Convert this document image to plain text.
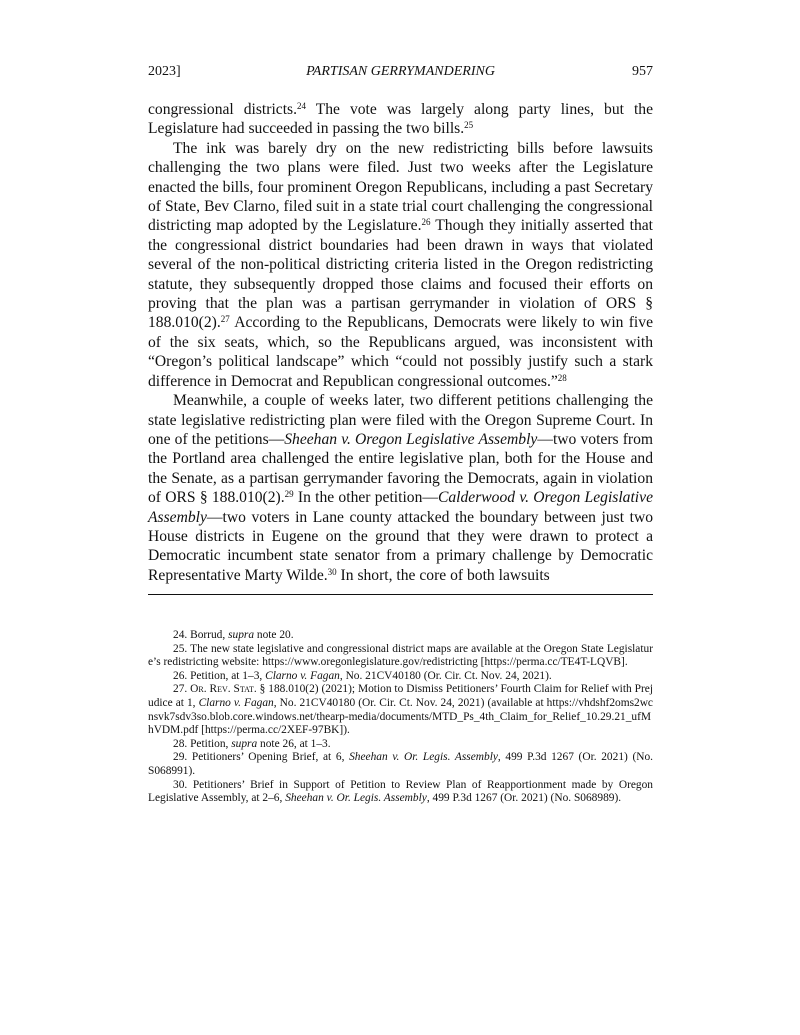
2023]	PARTISAN GERRYMANDERING	957

congressional districts.$^{24}$ The vote was largely along party lines, but the Legislature had succeeded in passing the two bills.$^{25}$

The ink was barely dry on the new redistricting bills before lawsuits challenging the two plans were filed. Just two weeks after the Legislature enacted the bills, four prominent Oregon Republicans, including a past Secretary of State, Bev Clarno, filed suit in a state trial court challenging the congressional districting map adopted by the Legislature.$^{26}$ Though they initially asserted that the congressional district boundaries had been drawn in ways that violated several of the non-political districting criteria listed in the Oregon redistricting statute, they subsequently dropped those claims and focused their efforts on proving that the plan was a partisan gerrymander in violation of ORS § 188.010(2).$^{27}$ According to the Republicans, Democrats were likely to win five of the six seats, which, so the Republicans argued, was inconsistent with “Oregon’s political landscape” which “could not possibly justify such a stark difference in Democrat and Republican congressional outcomes.”$^{28}$

Meanwhile, a couple of weeks later, two different petitions challenging the state legislative redistricting plan were filed with the Oregon Supreme Court. In one of the petitions—Sheehan v. Oregon Legislative Assembly—two voters from the Portland area challenged the entire legislative plan, both for the House and the Senate, as a partisan gerrymander favoring the Democrats, again in violation of ORS § 188.010(2).$^{29}$ In the other petition—Calderwood v. Oregon Legislative Assembly—two voters in Lane county attacked the boundary between just two House districts in Eugene on the ground that they were drawn to protect a Democratic incumbent state senator from a primary challenge by Democratic Representative Marty Wilde.$^{30}$ In short, the core of both lawsuits

24. Borrud, supra note 20.

25. The new state legislative and congressional district maps are available at the Oregon State Legislature’s redistricting website: https://www.oregonlegislature.gov/redistricting [https://perma.cc/TE4T-LQVB].

26. Petition, at 1–3, Clarno v. Fagan, No. 21CV40180 (Or. Cir. Ct. Nov. 24, 2021).

27. Or. Rev. Stat. § 188.010(2) (2021); Motion to Dismiss Petitioners’ Fourth Claim for Relief with Prejudice at 1, Clarno v. Fagan, No. 21CV40180 (Or. Cir. Ct. Nov. 24, 2021) (available at https://vhdshf2oms2wcnsvk7sdv3so.blob.core.windows.net/thearp-media/documents/MTD_Ps_4th_Claim_for_Relief_10.29.21_ufMhVDM.pdf [https://perma.cc/2XEF-97BK]).

28. Petition, supra note 26, at 1–3.

29. Petitioners’ Opening Brief, at 6, Sheehan v. Or. Legis. Assembly, 499 P.3d 1267 (Or. 2021) (No. S068991).

30. Petitioners’ Brief in Support of Petition to Review Plan of Reapportionment made by Oregon Legislative Assembly, at 2–6, Sheehan v. Or. Legis. Assembly, 499 P.3d 1267 (Or. 2021) (No. S068989).
